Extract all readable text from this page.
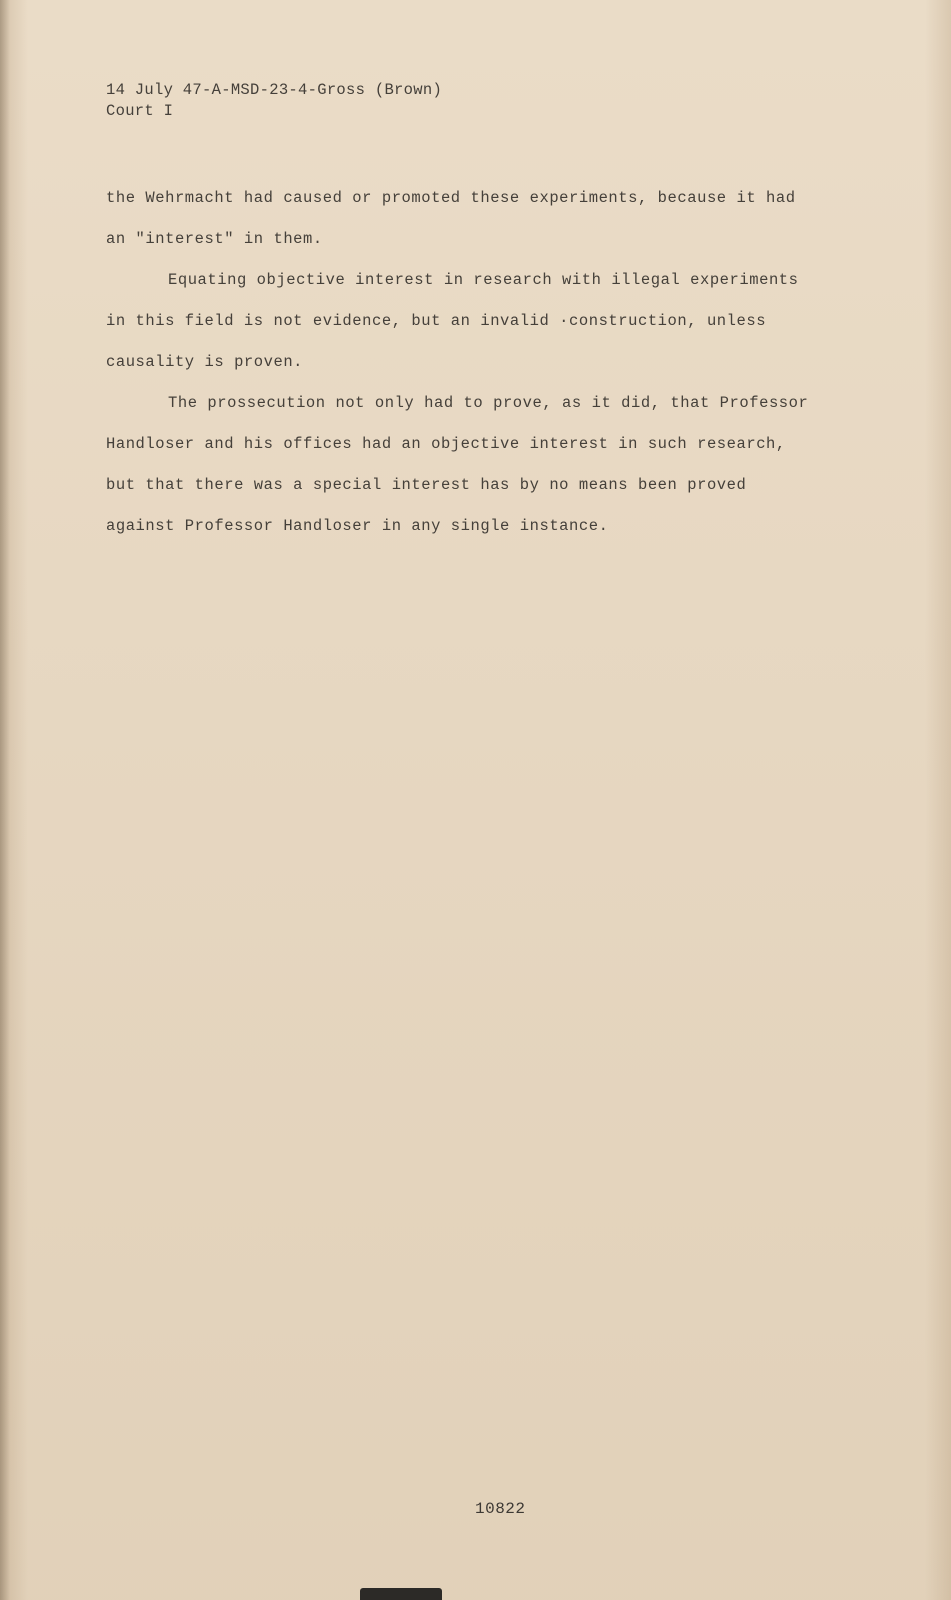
14 July 47-A-MSD-23-4-Gross (Brown)
Court I
the Wehrmacht had caused or promoted these experiments, because it had
an "interest" in them.
Equating objective interest in research with illegal experiments
in this field is not evidence, but an invalid ·construction, unless
causality is proven.
The prossecution not only had to prove, as it did, that Professor
Handloser and his offices had an objective interest in such research,
but that there was a special interest has by no means been proved
against Professor Handloser in any single instance.
10822
